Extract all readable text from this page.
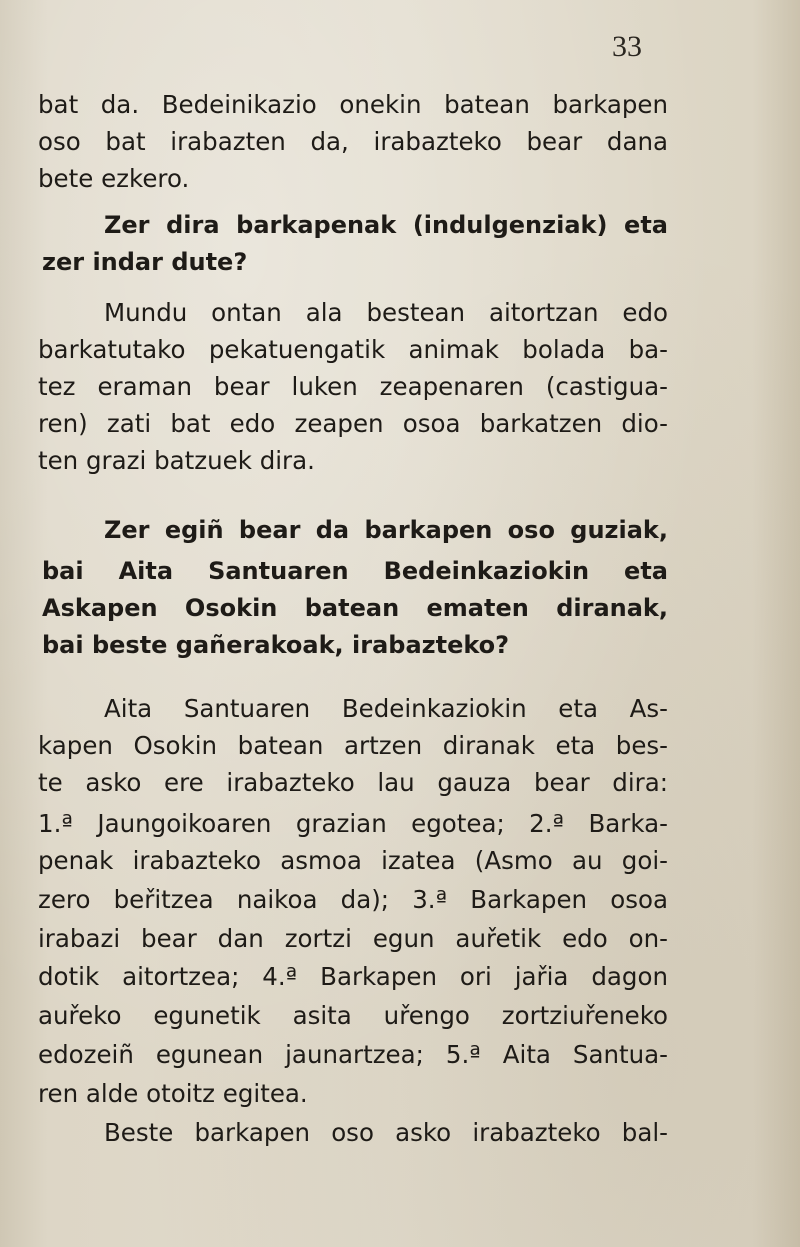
33

bat da. Bedeinikazio onekin batean barkapen

oso bat irabazten da, irabazteko bear dana

bete ezkero.

Zer dira barkapenak (indulgenziak) eta
zer indar dute?

Mundu ontan ala bestean aitortzan edo

barkatutako pekatuengatik animak bolada ba-

tez eraman bear luken zeapenaren (castigua-

ren) zati bat edo zeapen osoa barkatzen dio-

ten grazi batzuek dira.

Zer egiñ bear da barkapen oso guziak,
bai Aita Santuaren Bedeinkaziokin eta
Askapen Osokin batean ematen diranak,
bai beste gañerakoak, irabazteko?

Aita Santuaren Bedeinkaziokin eta As-

kapen Osokin batean artzen diranak eta bes-

te asko ere irabazteko lau gauza bear dira:

1.ª Jaungoikoaren grazian egotea; 2.ª Barka-

penak irabazteko asmoa izatea (Asmo au goi-

zero beřitzea naikoa da); 3.ª Barkapen osoa

irabazi bear dan zortzi egun auřetik edo on-

dotik aitortzea; 4.ª Barkapen ori jařia dagon

auřeko egunetik asita uřengo zortziuřeneko

edozeiñ egunean jaunartzea; 5.ª Aita Santua-

ren alde otoitz egitea.

Beste barkapen oso asko irabazteko bal-
